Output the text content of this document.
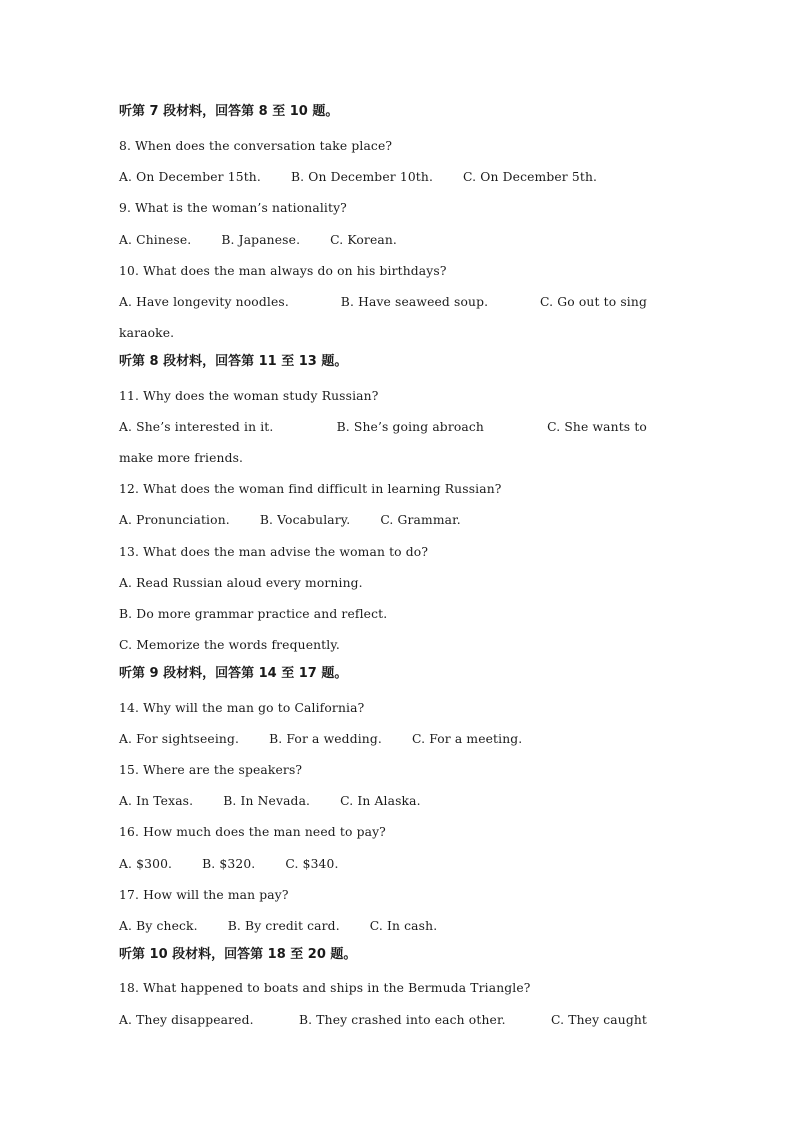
听第 7 段材料，回答第 8 至 10 题。
8. When does the conversation take place?
A. On December 15th. B. On December 10th. C. On December 5th.
9. What is the woman’s nationality?
A. Chinese. B. Japanese. C. Korean.
10. What does the man always do on his birthdays?
A. Have longevity noodles.	B. Have seaweed soup.	C. Go out to sing
karaoke.
听第 8 段材料，回答第 11 至 13 题。
11. Why does the woman study Russian?
A. She’s interested in it.	B. She’s going abroach	C. She wants to
make more friends.
12. What does the woman find difficult in learning Russian?
A. Pronunciation. B. Vocabulary. C. Grammar.
13. What does the man advise the woman to do?
A. Read Russian aloud every morning.
B. Do more grammar practice and reflect.
C. Memorize the words frequently.
听第 9 段材料，回答第 14 至 17 题。
14. Why will the man go to California?
A. For sightseeing. B. For a wedding. C. For a meeting.
15. Where are the speakers?
A. In Texas. B. In Nevada. C. In Alaska.
16. How much does the man need to pay?
A. $300. B. $320. C. $340.
17. How will the man pay?
A. By check. B. By credit card. C. In cash.
听第 10 段材料，回答第 18 至 20 题。
18. What happened to boats and ships in the Bermuda Triangle?
A. They disappeared.	B. They crashed into each other.	C. They caught
